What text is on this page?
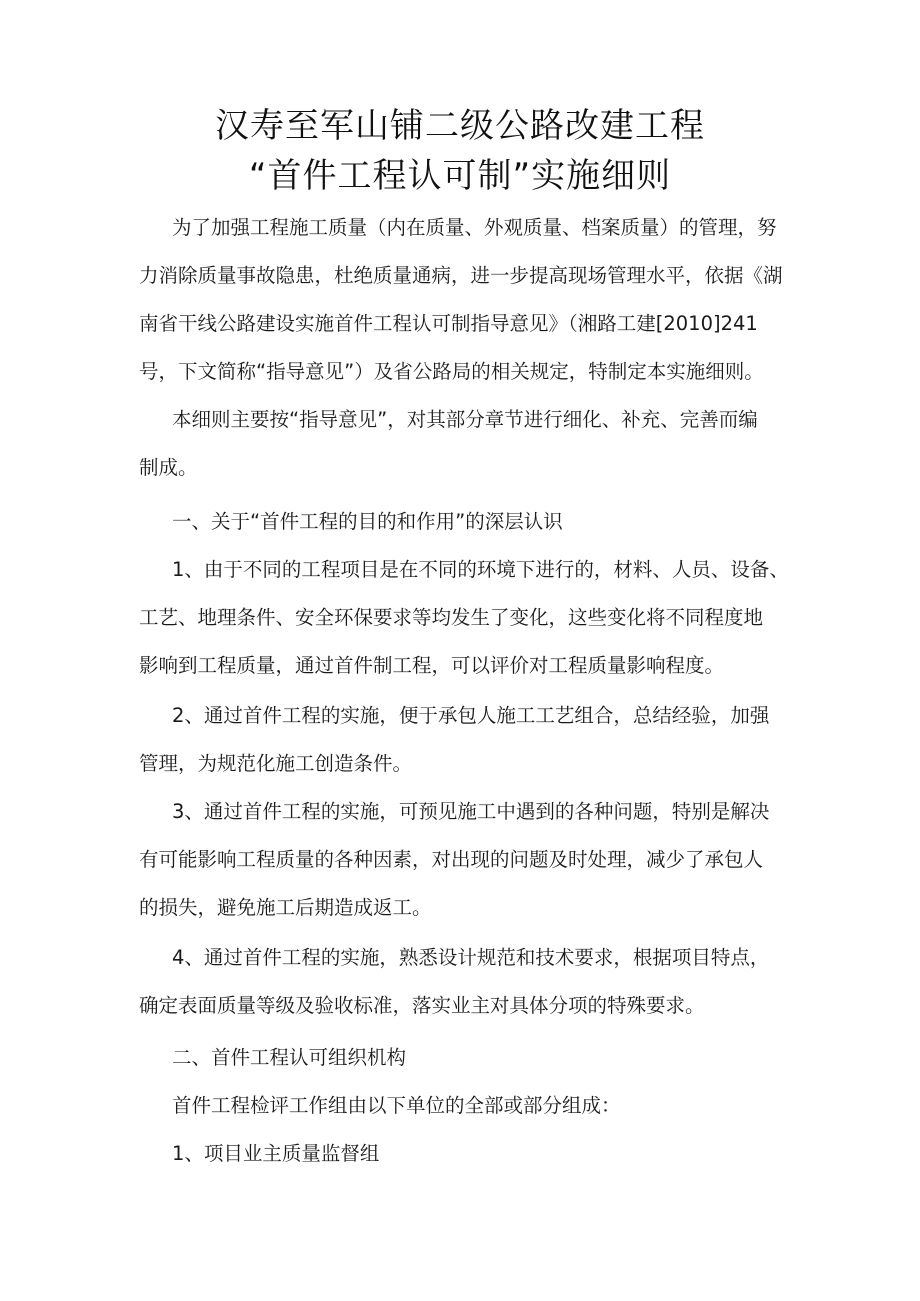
汉寿至军山铺二级公路改建工程
“首件工程认可制”实施细则

为了加强工程施工质量（内在质量、外观质量、档案质量）的管理，努

力消除质量事故隐患，杜绝质量通病，进一步提高现场管理水平，依据《湖

南省干线公路建设实施首件工程认可制指导意见》（湘路工建[2010]241

号，下文简称“指导意见”）及省公路局的相关规定，特制定本实施细则。

本细则主要按“指导意见”，对其部分章节进行细化、补充、完善而编

制成。

一、关于“首件工程的目的和作用”的深层认识

1、由于不同的工程项目是在不同的环境下进行的，材料、人员、设备、

工艺、地理条件、安全环保要求等均发生了变化，这些变化将不同程度地

影响到工程质量，通过首件制工程，可以评价对工程质量影响程度。

2、通过首件工程的实施，便于承包人施工工艺组合，总结经验，加强

管理，为规范化施工创造条件。

3、通过首件工程的实施，可预见施工中遇到的各种问题，特别是解决

有可能影响工程质量的各种因素，对出现的问题及时处理，减少了承包人

的损失，避免施工后期造成返工。

4、通过首件工程的实施，熟悉设计规范和技术要求，根据项目特点，

确定表面质量等级及验收标准，落实业主对具体分项的特殊要求。

二、首件工程认可组织机构

首件工程检评工作组由以下单位的全部或部分组成：

1、项目业主质量监督组
